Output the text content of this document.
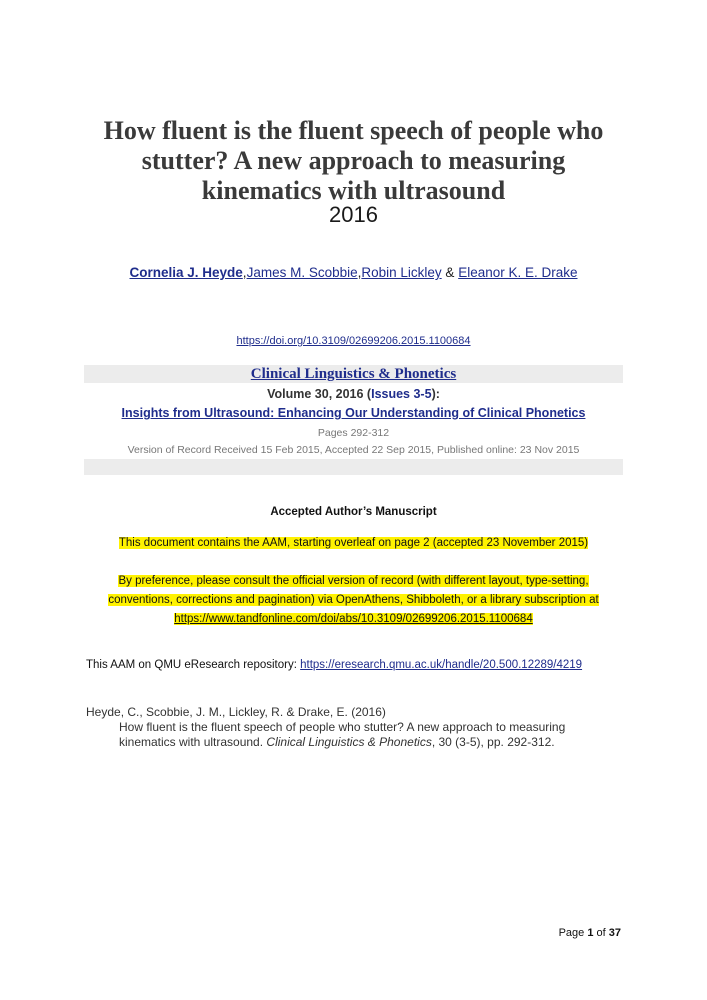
How fluent is the fluent speech of people who stutter? A new approach to measuring kinematics with ultrasound
2016
Cornelia J. Heyde,James M. Scobbie,Robin Lickley & Eleanor K. E. Drake
https://doi.org/10.3109/02699206.2015.1100684
Clinical Linguistics & Phonetics
Volume 30, 2016 (Issues 3-5):
Insights from Ultrasound: Enhancing Our Understanding of Clinical Phonetics
Pages 292-312
Version of Record Received 15 Feb 2015, Accepted 22 Sep 2015, Published online: 23 Nov 2015
Accepted Author’s Manuscript
This document contains the AAM, starting overleaf on page 2 (accepted 23 November 2015)
By preference, please consult the official version of record (with different layout, type-setting,
conventions, corrections and pagination) via OpenAthens, Shibboleth, or a library subscription at
https://www.tandfonline.com/doi/abs/10.3109/02699206.2015.1100684
This AAM on QMU eResearch repository: https://eresearch.qmu.ac.uk/handle/20.500.12289/4219
Heyde, C., Scobbie, J. M., Lickley, R. & Drake, E. (2016)
How fluent is the fluent speech of people who stutter? A new approach to measuring
kinematics with ultrasound. Clinical Linguistics & Phonetics, 30 (3-5), pp. 292-312.
Page 1 of 37
